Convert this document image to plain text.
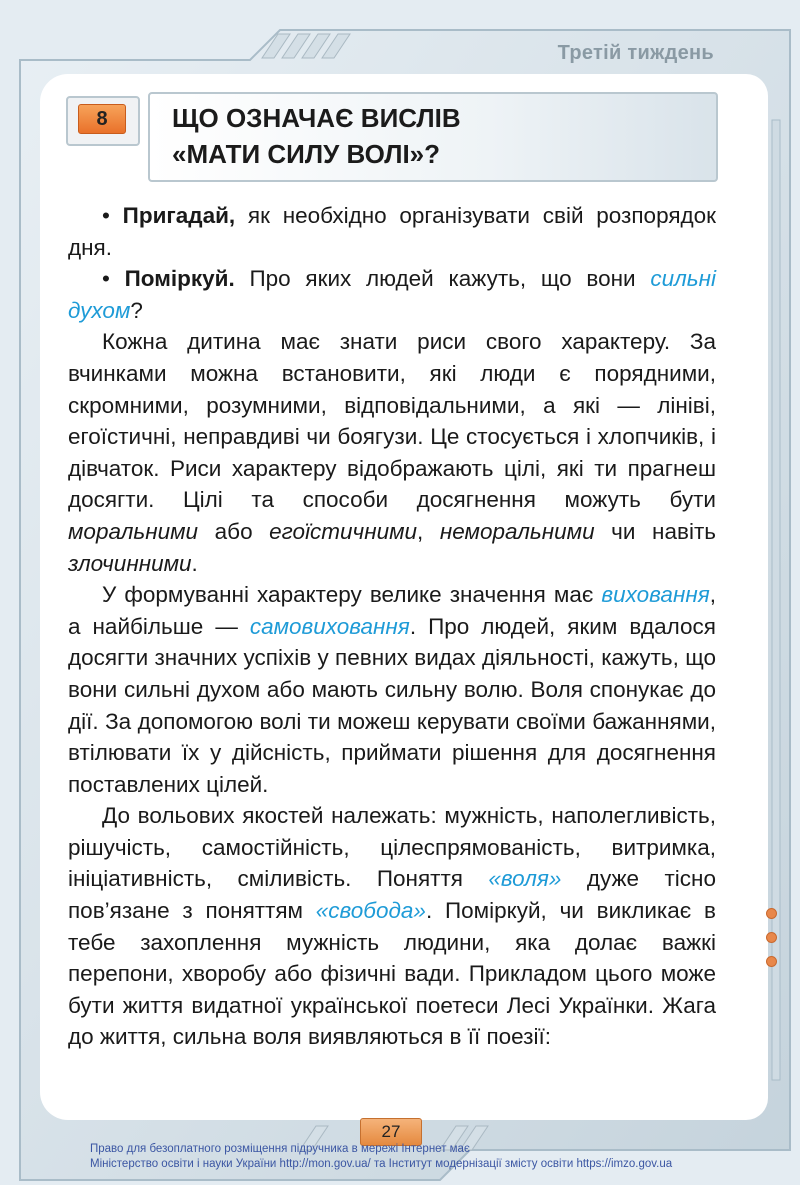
Третій тиждень
8	ЩО ОЗНАЧАЄ ВИСЛІВ
«МАТИ СИЛУ ВОЛІ»?

• Пригадай, як необхідно організувати свій розпорядок дня.

• Поміркуй. Про яких людей кажуть, що вони сильні духом?

Кожна дитина має знати риси свого характеру. За вчинками можна встановити, які люди є порядними, скромними, розумними, відповідальними, а які — лініві, егоїстичні, неправдиві чи боягузи. Це стосується і хлопчиків, і дівчаток. Риси характеру відображають цілі, які ти прагнеш досягти. Цілі та способи досягнення можуть бути моральними або егоїстичними, неморальними чи навіть злочинними.

У формуванні характеру велике значення має виховання, а найбільше — самовиховання. Про людей, яким вдалося досягти значних успіхів у певних видах діяльності, кажуть, що вони сильні духом або мають сильну волю. Воля спонукає до дії. За допомогою волі ти можеш керувати своїми бажаннями, втілювати їх у дійсність, приймати рішення для досягнення поставлених цілей.

До вольових якостей належать: мужність, наполегливість, рішучість, самостійність, цілеспрямованість, витримка, ініціативність, сміливість. Поняття «воля» дуже тісно пов’язане з поняттям «свобода». Поміркуй, чи викликає в тебе захоплення мужність людини, яка долає важкі перепони, хворобу або фізичні вади. Прикладом цього може бути життя видатної української поетеси Лесі Українки. Жага до життя, сильна воля виявляються в її поезії:

27
Право для безоплатного розміщення підручника в мережі Інтернет має
Міністерство освіти і науки України http://mon.gov.ua/ та Інститут модернізації змісту освіти https://imzo.gov.ua
